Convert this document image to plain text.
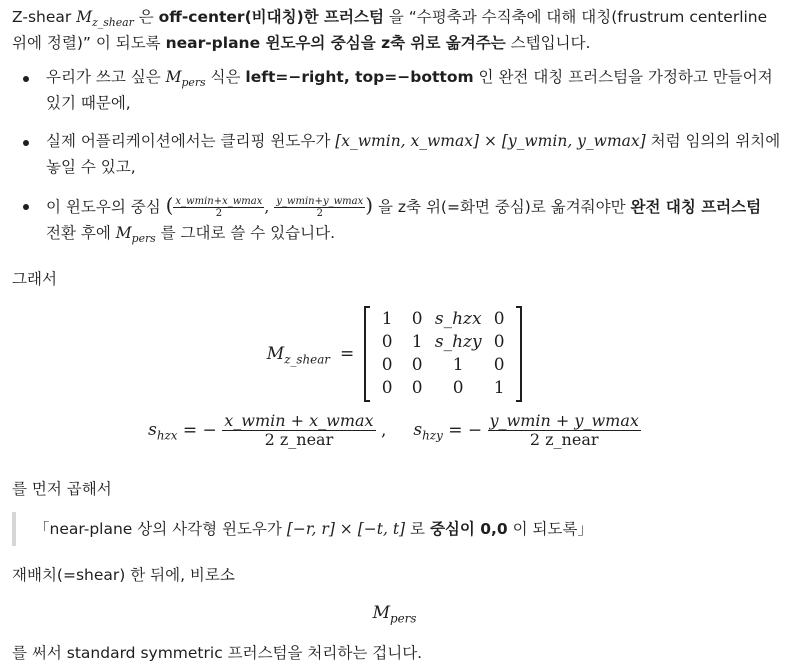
Z-shear $M_{z\_shear}$ 은 off-center(비대칭)한 프러스텀 을 “수평축과 수직축에 대해 대칭(frustrum centerline 위에 정렬)” 이 되도록 near-plane 윈도우의 중심을 z축 위로 옮겨주는 스텝입니다.

우리가 쓰고 싶은 $M_{pers}$ 식은 left=−right, top=−bottom 인 완전 대칭 프러스텀을 가정하고 만들어져 있기 때문에,
실제 어플리케이션에서는 클리핑 윈도우가 [x_wmin, x_wmax] × [y_wmin, y_wmax] 처럼 임의의 위치에 놓일 수 있고,
이 윈도우의 중심 ( $\frac{x\_wmin+x\_wmax}{2}$ , $\frac{y\_wmin+y\_wmax}{2}$ ) 을 z축 위(=화면 중심)로 옮겨줘야만 완전 대칭 프러스텀
전환 후에 $M_{pers}$ 를 그대로 쓸 수 있습니다.

그래서

$M_{z\_shear}$ =
1	0 s_hzx 0
0	1 s_hzy 0
0	0	1	0
0	0	0	1
$s_{hzx}$ = − $\frac{x\_wmin + x\_wmax}{\text{2 z\_near}}$ ,     $s_{hzy}$ = − $\frac{y\_wmin + y\_wmax}{\text{2 z\_near}}$

를 먼저 곱해서

「near-plane 상의 사각형 윈도우가 [−r, r] × [−t, t] 로 중심이 0,0 이 되도록」

재배치(=shear) 한 뒤에, 비로소

$M_{pers}$

를 써서 standard symmetric 프러스텀을 처리하는 겁니다.
